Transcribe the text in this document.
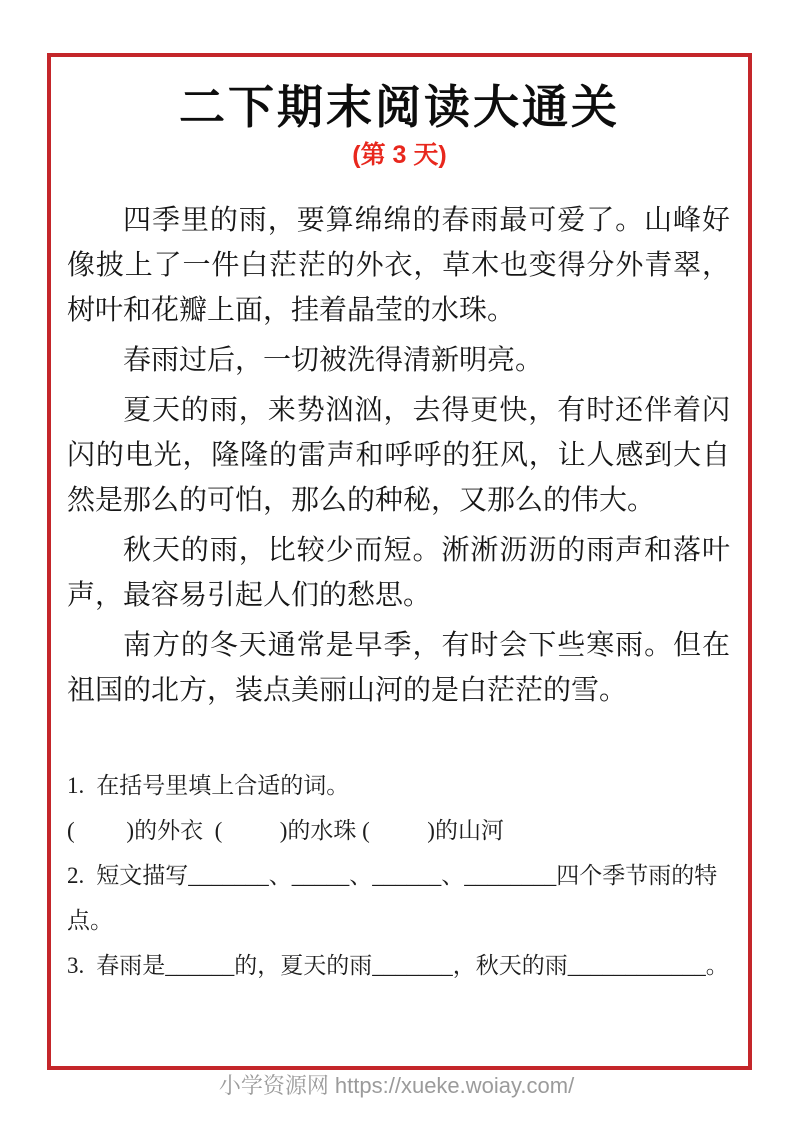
二下期末阅读大通关
(第 3 天)

四季里的雨，要算绵绵的春雨最可爱了。山峰好像披上了一件白茫茫的外衣，草木也变得分外青翠，树叶和花瓣上面，挂着晶莹的水珠。

春雨过后，一切被洗得清新明亮。

夏天的雨，来势汹汹，去得更快，有时还伴着闪闪的电光，隆隆的雷声和呼呼的狂风，让人感到大自然是那么的可怕，那么的种秘，又那么的伟大。

秋天的雨，比较少而短。淅淅沥沥的雨声和落叶声，最容易引起人们的愁思。

南方的冬天通常是早季，有时会下些寒雨。但在祖国的北方，装点美丽山河的是白茫茫的雪。

1. 在括号里填上合适的词。
(         )的外衣  (          )的水珠 (          )的山河
2. 短文描写_______、_____、______、________四个季节雨的特点。
3. 春雨是______的，夏天的雨_______，秋天的雨____________。
小学资源网 https://xueke.woiay.com/
